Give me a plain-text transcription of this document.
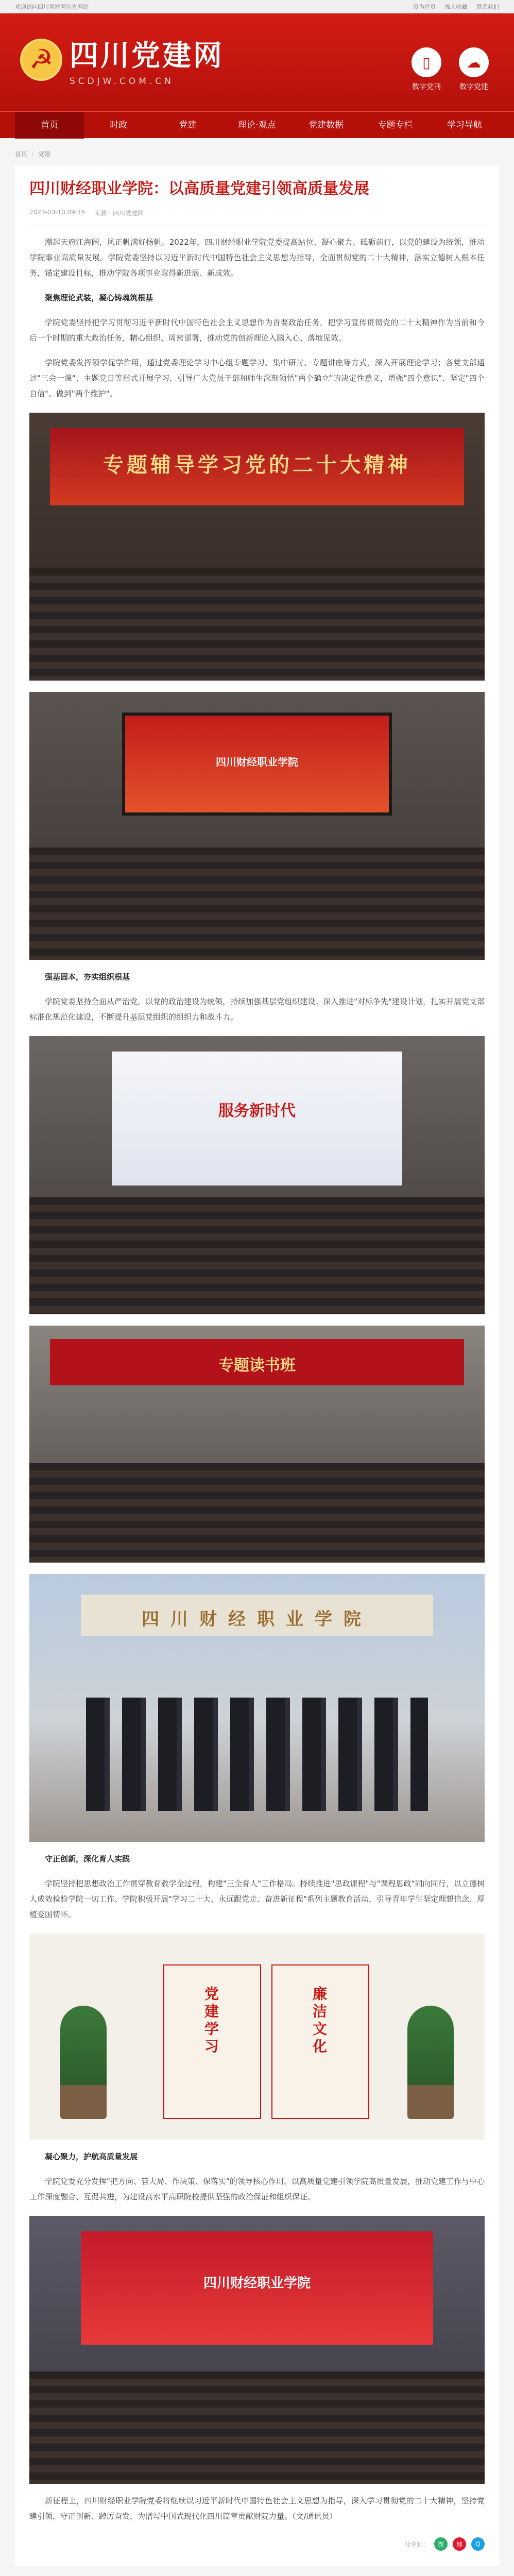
欢迎访问四川党建网官方网站	设为首页 加入收藏 联系我们
☭ 四川党建网
SCDJW.COM.CN
▯
数字党刊
☁
数字党建
首页	时政	党建	理论·观点	党建数据	专题专栏	学习导航
首页 › 党建
四川财经职业学院：以高质量党建引领高质量发展
2023-03-10 09:15 来源：四川党建网

潮起天府江海阔，风正帆满好扬帆。2022年，四川财经职业学院党委提高站位、凝心聚力、砥砺前行，以党的建设为统领，推动学院事业高质量发展。学院党委坚持以习近平新时代中国特色社会主义思想为指导，全面贯彻党的二十大精神，落实立德树人根本任务，锚定建设目标，推动学院各项事业取得新进展、新成效。

聚焦理论武装，凝心铸魂筑根基

学院党委坚持把学习贯彻习近平新时代中国特色社会主义思想作为首要政治任务，把学习宣传贯彻党的二十大精神作为当前和今后一个时期的重大政治任务，精心组织、周密部署，推动党的创新理论入脑入心、落地见效。

学院党委发挥领学促学作用，通过党委理论学习中心组专题学习、集中研讨、专题讲座等方式，深入开展理论学习；各党支部通过"三会一课"、主题党日等形式开展学习，引导广大党员干部和师生深刻领悟"两个确立"的决定性意义，增强"四个意识"、坚定"四个自信"、做到"两个维护"。

专题辅导学习党的二十大精神
四川财经职业学院

强基固本，夯实组织根基

学院党委坚持全面从严治党，以党的政治建设为统领，持续加强基层党组织建设。深入推进"对标争先"建设计划，扎实开展党支部标准化规范化建设，不断提升基层党组织的组织力和战斗力。

服务新时代
专题读书班
四川财经职业学院

守正创新，深化育人实践

学院坚持把思想政治工作贯穿教育教学全过程，构建"三全育人"工作格局。持续推进"思政课程"与"课程思政"同向同行，以立德树人成效检验学院一切工作。学院积极开展"学习二十大、永远跟党走、奋进新征程"系列主题教育活动，引导青年学生坚定理想信念、厚植爱国情怀。

党建学习	廉洁文化

凝心聚力，护航高质量发展

学院党委充分发挥"把方向、管大局、作决策、保落实"的领导核心作用，以高质量党建引领学院高质量发展，推动党建工作与中心工作深度融合、互促共进，为建设高水平高职院校提供坚强的政治保证和组织保证。

四川财经职业学院

新征程上，四川财经职业学院党委将继续以习近平新时代中国特色社会主义思想为指导，深入学习贯彻党的二十大精神，坚持党建引领，守正创新、踔厉奋发，为谱写中国式现代化四川篇章贡献财院力量。（文/通讯员）

分享到：	微	博	Q
